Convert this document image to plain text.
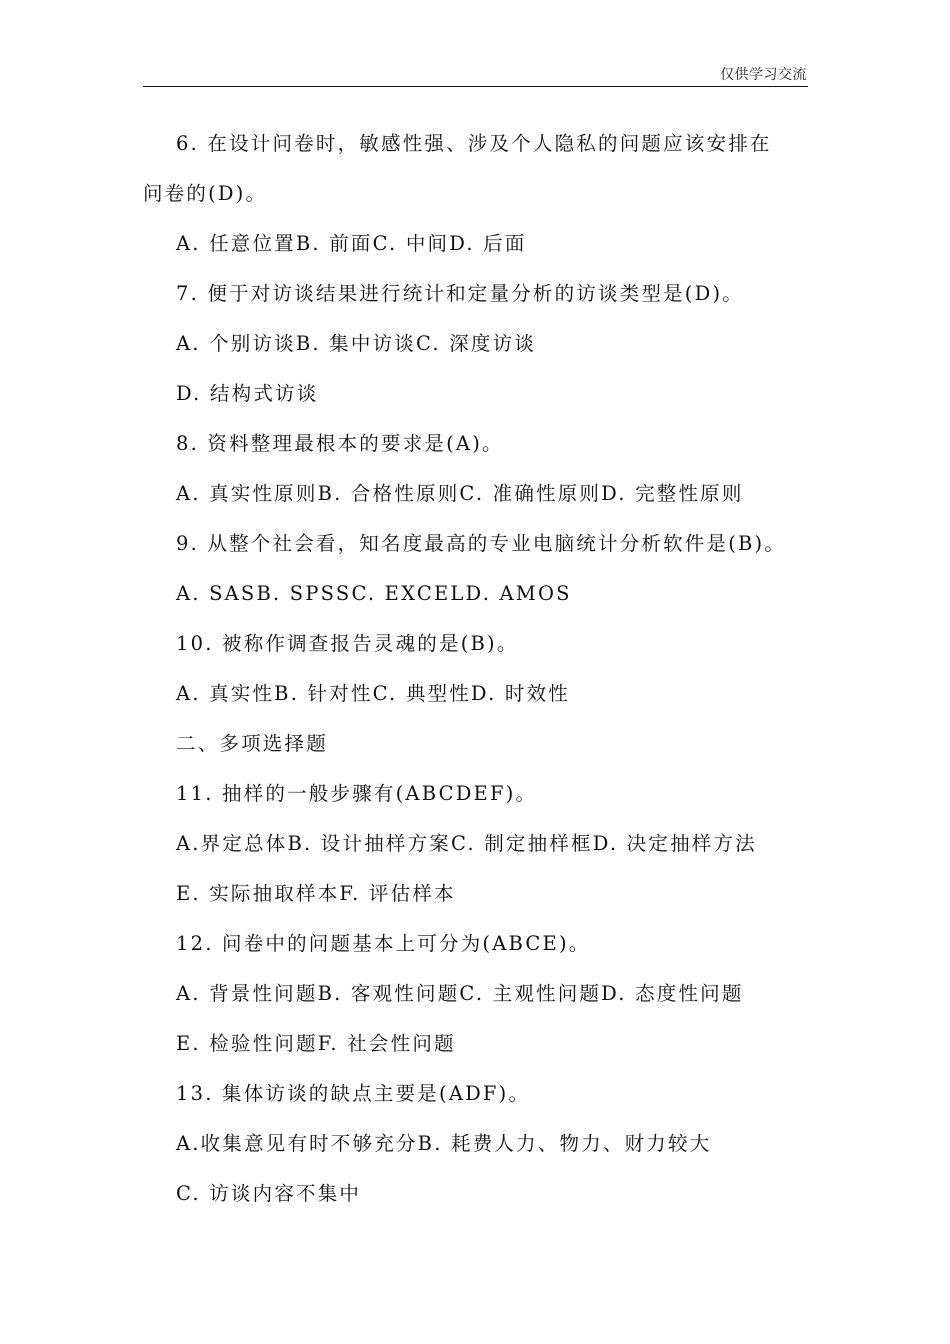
仅供学习交流
6. 在设计问卷时，敏感性强、涉及个人隐私的问题应该安排在
问卷的(D)。
A. 任意位置B. 前面C. 中间D. 后面
7. 便于对访谈结果进行统计和定量分析的访谈类型是(D)。
A. 个别访谈B. 集中访谈C. 深度访谈
D. 结构式访谈
8. 资料整理最根本的要求是(A)。
A. 真实性原则B. 合格性原则C. 准确性原则D. 完整性原则
9. 从整个社会看，知名度最高的专业电脑统计分析软件是(B)。
A. SASB. SPSSC. EXCELD. AMOS
10. 被称作调查报告灵魂的是(B)。
A. 真实性B. 针对性C. 典型性D. 时效性
二、多项选择题
11. 抽样的一般步骤有(ABCDEF)。
A.界定总体B. 设计抽样方案C. 制定抽样框D. 决定抽样方法
E. 实际抽取样本F. 评估样本
12. 问卷中的问题基本上可分为(ABCE)。
A. 背景性问题B. 客观性问题C. 主观性问题D. 态度性问题
E. 检验性问题F. 社会性问题
13. 集体访谈的缺点主要是(ADF)。
A.收集意见有时不够充分B. 耗费人力、物力、财力较大
C. 访谈内容不集中
